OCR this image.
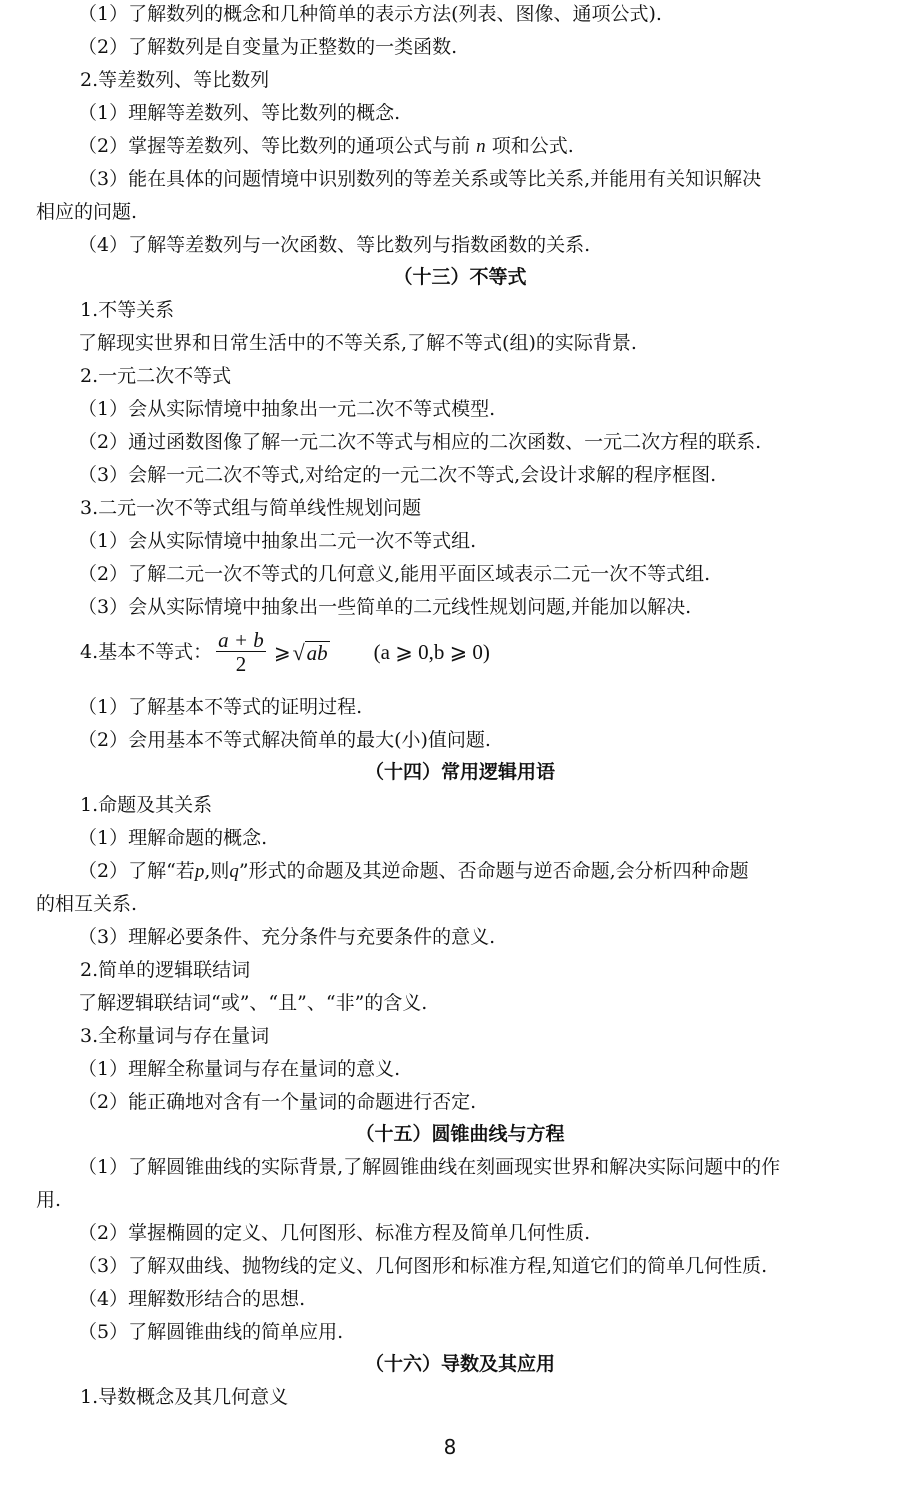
（1）了解数列的概念和几种简单的表示方法(列表、图像、通项公式).
（2）了解数列是自变量为正整数的一类函数.
2.等差数列、等比数列
（1）理解等差数列、等比数列的概念.
（2）掌握等差数列、等比数列的通项公式与前 n 项和公式.
（3）能在具体的问题情境中识别数列的等差关系或等比关系,并能用有关知识解决
相应的问题.
（4）了解等差数列与一次函数、等比数列与指数函数的关系.
（十三）不等式
1.不等关系
了解现实世界和日常生活中的不等关系,了解不等式(组)的实际背景.
2.一元二次不等式
（1）会从实际情境中抽象出一元二次不等式模型.
（2）通过函数图像了解一元二次不等式与相应的二次函数、一元二次方程的联系.
（3）会解一元二次不等式,对给定的一元二次不等式,会设计求解的程序框图.
3.二元一次不等式组与简单线性规划问题
（1）会从实际情境中抽象出二元一次不等式组.
（2）了解二元一次不等式的几何意义,能用平面区域表示二元一次不等式组.
（3）会从实际情境中抽象出一些简单的二元线性规划问题,并能加以解决.
4.基本不等式： $\frac{a + b}{2}$ ⩾ √ ab (a ⩾ 0,b ⩾ 0)
（1）了解基本不等式的证明过程.
（2）会用基本不等式解决简单的最大(小)值问题.
（十四）常用逻辑用语
1.命题及其关系
（1）理解命题的概念.
（2）了解“若p,则q”形式的命题及其逆命题、否命题与逆否命题,会分析四种命题
的相互关系.
（3）理解必要条件、充分条件与充要条件的意义.
2.简单的逻辑联结词
了解逻辑联结词“或”、“且”、“非”的含义.
3.全称量词与存在量词
（1）理解全称量词与存在量词的意义.
（2）能正确地对含有一个量词的命题进行否定.
（十五）圆锥曲线与方程
（1）了解圆锥曲线的实际背景,了解圆锥曲线在刻画现实世界和解决实际问题中的作
用.
（2）掌握椭圆的定义、几何图形、标准方程及简单几何性质.
（3）了解双曲线、抛物线的定义、几何图形和标准方程,知道它们的简单几何性质.
（4）理解数形结合的思想.
（5）了解圆锥曲线的简单应用.
（十六）导数及其应用
1.导数概念及其几何意义
8
